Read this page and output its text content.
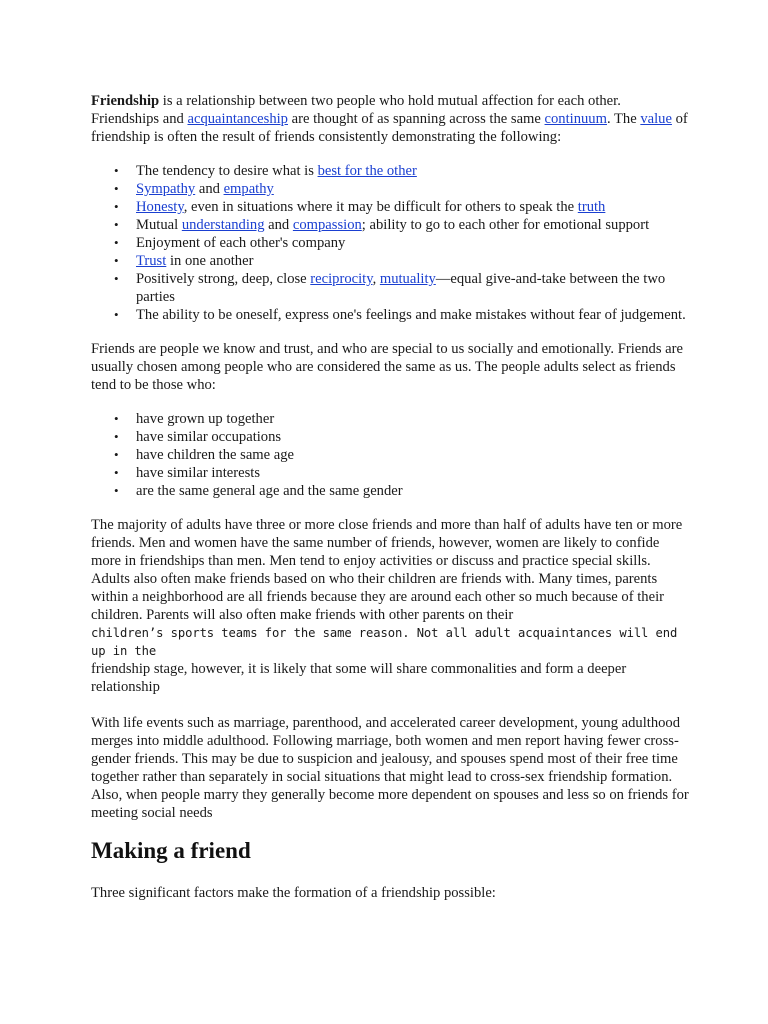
Friendship is a relationship between two people who hold mutual affection for each other. Friendships and acquaintanceship are thought of as spanning across the same continuum. The value of friendship is often the result of friends consistently demonstrating the following:

• The tendency to desire what is best for the other
• Sympathy and empathy
• Honesty, even in situations where it may be difficult for others to speak the truth
• Mutual understanding and compassion; ability to go to each other for emotional support
• Enjoyment of each other's company
• Trust in one another
• Positively strong, deep, close reciprocity, mutuality—equal give-and-take between the two parties
• The ability to be oneself, express one's feelings and make mistakes without fear of judgement.

Friends are people we know and trust, and who are special to us socially and emotionally. Friends are usually chosen among people who are considered the same as us. The people adults select as friends tend to be those who:

• have grown up together
• have similar occupations
• have children the same age
• have similar interests
• are the same general age and the same gender

The majority of adults have three or more close friends and more than half of adults have ten or more friends. Men and women have the same number of friends, however, women are likely to confide more in friendships than men. Men tend to enjoy activities or discuss and practice special skills. Adults also often make friends based on who their children are friends with. Many times, parents within a neighborhood are all friends because they are around each other so much because of their children. Parents will also often make friends with other parents on their
children’s sports teams for the same reason. Not all adult acquaintances will end up in the
friendship stage, however, it is likely that some will share commonalities and form a deeper relationship

With life events such as marriage, parenthood, and accelerated career development, young adulthood merges into middle adulthood. Following marriage, both women and men report having fewer cross-gender friends. This may be due to suspicion and jealousy, and spouses spend most of their free time together rather than separately in social situations that might lead to cross-sex friendship formation. Also, when people marry they generally become more dependent on spouses and less so on friends for meeting social needs

Making a friend

Three significant factors make the formation of a friendship possible:
